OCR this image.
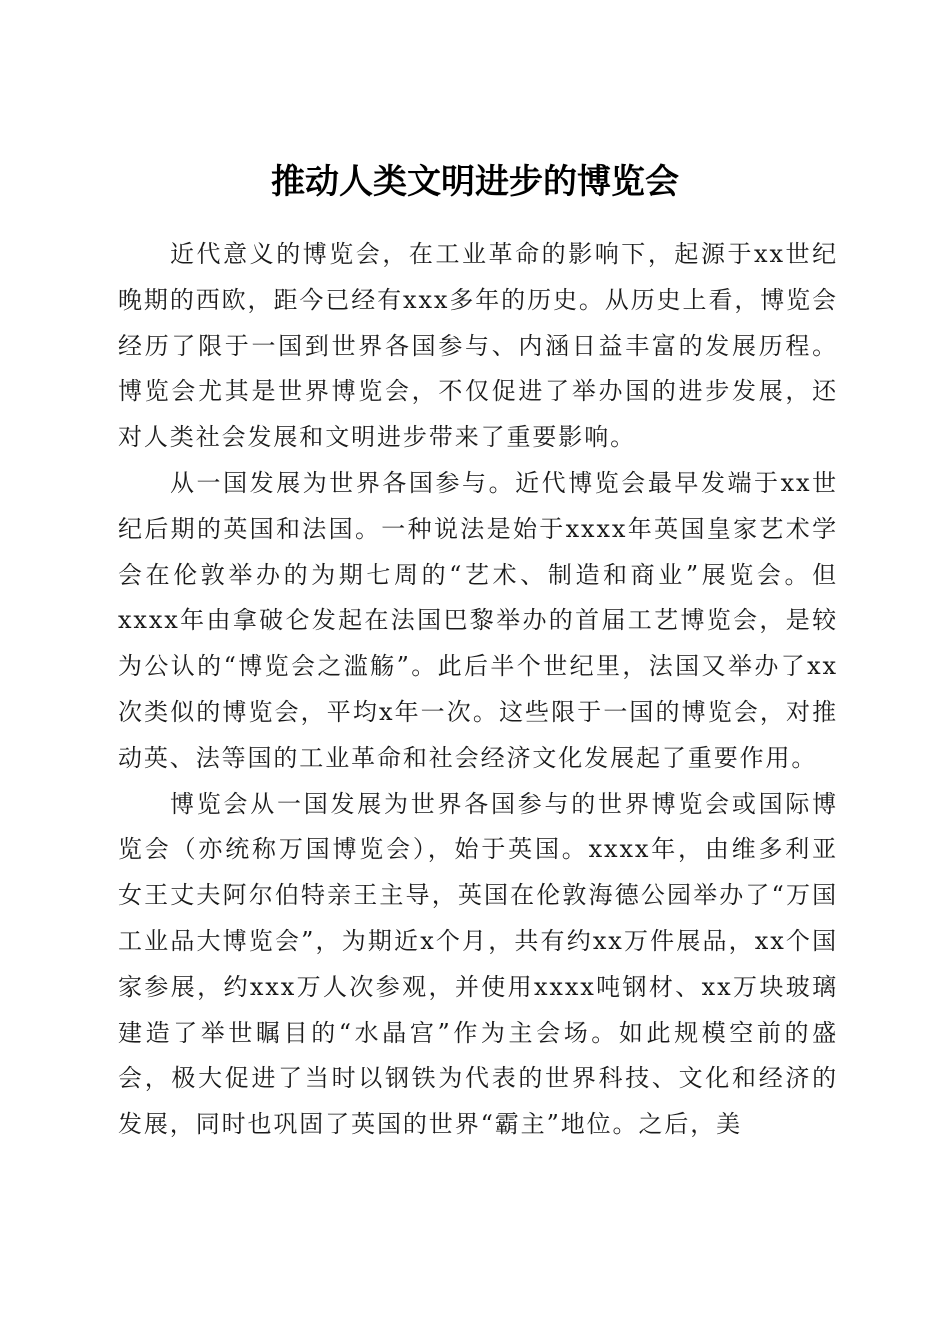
推动人类文明进步的博览会

近代意义的博览会，在工业革命的影响下，起源于xx世纪晚期的西欧，距今已经有xxx多年的历史。从历史上看，博览会经历了限于一国到世界各国参与、内涵日益丰富的发展历程。博览会尤其是世界博览会，不仅促进了举办国的进步发展，还对人类社会发展和文明进步带来了重要影响。

从一国发展为世界各国参与。近代博览会最早发端于xx世纪后期的英国和法国。一种说法是始于xxxx年英国皇家艺术学会在伦敦举办的为期七周的“艺术、制造和商业”展览会。但xxxx年由拿破仑发起在法国巴黎举办的首届工艺博览会，是较为公认的“博览会之滥觞”。此后半个世纪里，法国又举办了xx次类似的博览会，平均x年一次。这些限于一国的博览会，对推动英、法等国的工业革命和社会经济文化发展起了重要作用。

博览会从一国发展为世界各国参与的世界博览会或国际博览会（亦统称万国博览会），始于英国。xxxx年，由维多利亚女王丈夫阿尔伯特亲王主导，英国在伦敦海德公园举办了“万国工业品大博览会”，为期近x个月，共有约xx万件展品，xx个国家参展，约xxx万人次参观，并使用xxxx吨钢材、xx万块玻璃建造了举世瞩目的“水晶宫”作为主会场。如此规模空前的盛会，极大促进了当时以钢铁为代表的世界科技、文化和经济的发展，同时也巩固了英国的世界“霸主”地位。之后，美
